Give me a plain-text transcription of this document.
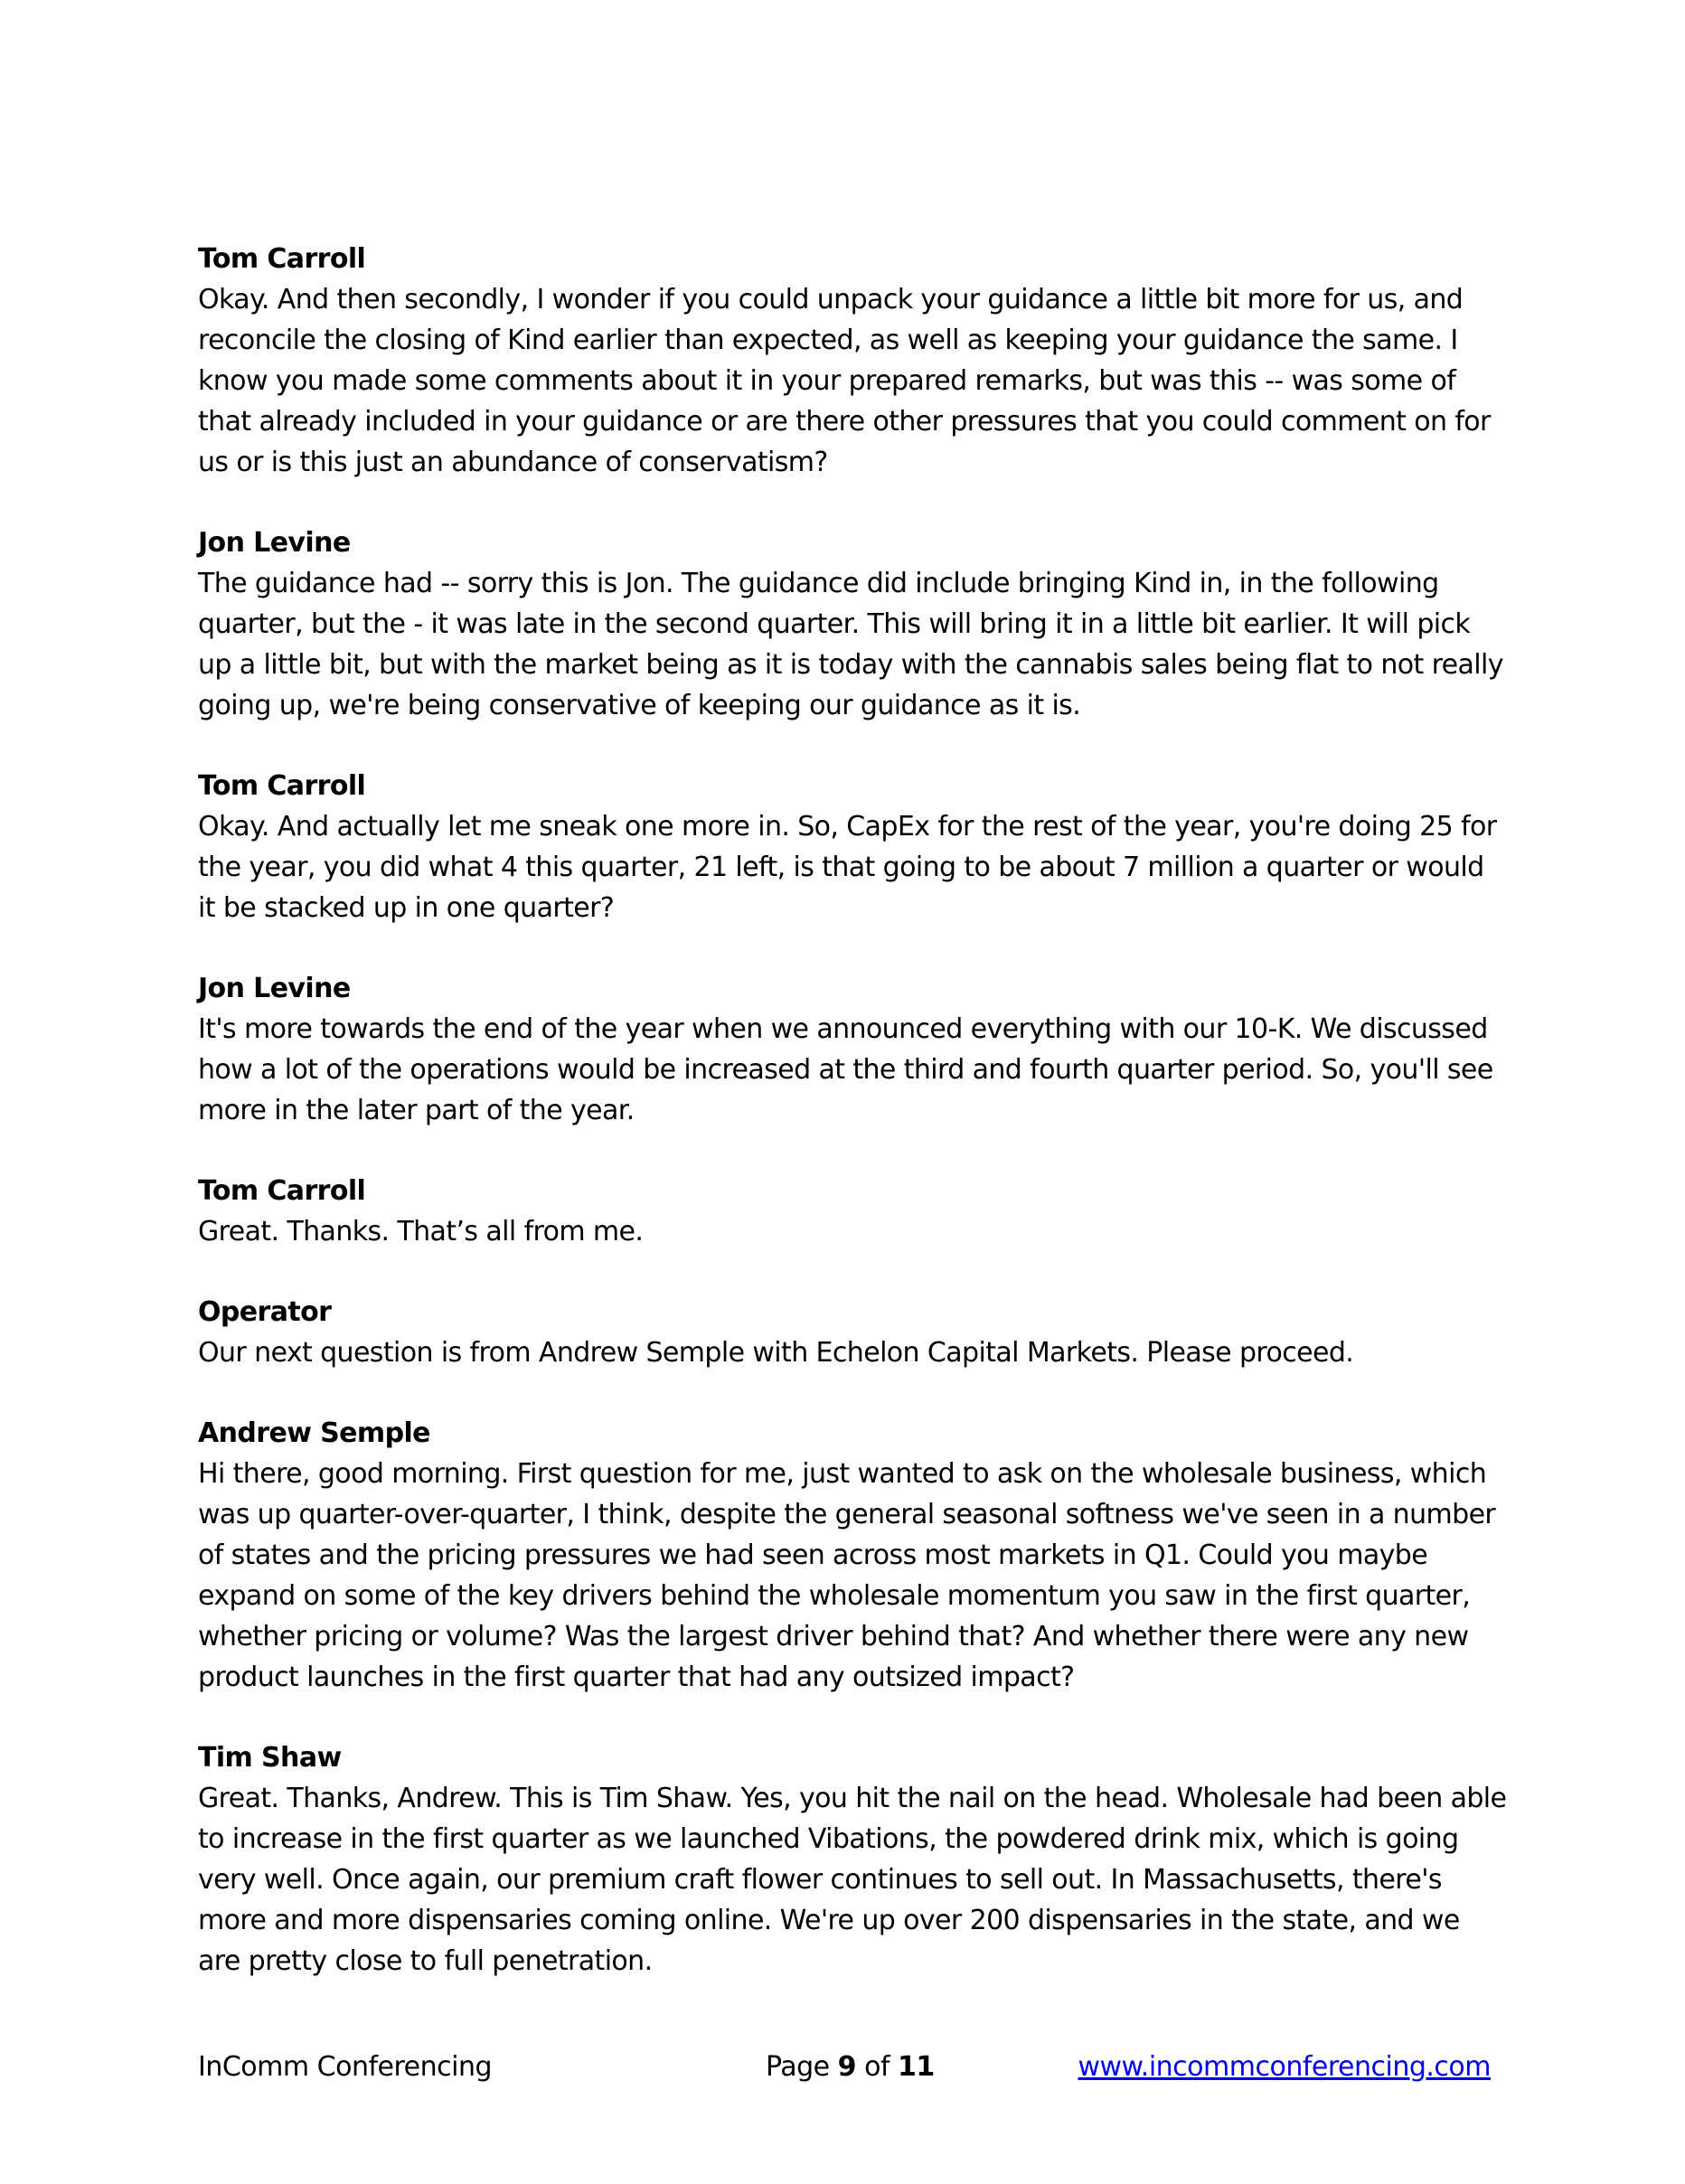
Tom Carroll
Okay. And then secondly, I wonder if you could unpack your guidance a little bit more for us, and reconcile the closing of Kind earlier than expected, as well as keeping your guidance the same. I know you made some comments about it in your prepared remarks, but was this -- was some of that already included in your guidance or are there other pressures that you could comment on for us or is this just an abundance of conservatism?
Jon Levine
The guidance had -- sorry this is Jon. The guidance did include bringing Kind in, in the following quarter, but the - it was late in the second quarter. This will bring it in a little bit earlier. It will pick up a little bit, but with the market being as it is today with the cannabis sales being flat to not really going up, we're being conservative of keeping our guidance as it is.
Tom Carroll
Okay. And actually let me sneak one more in. So, CapEx for the rest of the year, you're doing 25 for the year, you did what 4 this quarter, 21 left, is that going to be about 7 million a quarter or would it be stacked up in one quarter?
Jon Levine
It's more towards the end of the year when we announced everything with our 10-K. We discussed how a lot of the operations would be increased at the third and fourth quarter period. So, you'll see more in the later part of the year.
Tom Carroll
Great. Thanks. That’s all from me.
Operator
Our next question is from Andrew Semple with Echelon Capital Markets. Please proceed.
Andrew Semple
Hi there, good morning. First question for me, just wanted to ask on the wholesale business, which was up quarter-over-quarter, I think, despite the general seasonal softness we've seen in a number of states and the pricing pressures we had seen across most markets in Q1. Could you maybe expand on some of the key drivers behind the wholesale momentum you saw in the first quarter, whether pricing or volume? Was the largest driver behind that? And whether there were any new product launches in the first quarter that had any outsized impact?
Tim Shaw
Great. Thanks, Andrew. This is Tim Shaw. Yes, you hit the nail on the head. Wholesale had been able to increase in the first quarter as we launched Vibations, the powdered drink mix, which is going very well. Once again, our premium craft flower continues to sell out. In Massachusetts, there's more and more dispensaries coming online. We're up over 200 dispensaries in the state, and we are pretty close to full penetration.
InComm Conferencing	Page 9 of 11	www.incommconferencing.com
